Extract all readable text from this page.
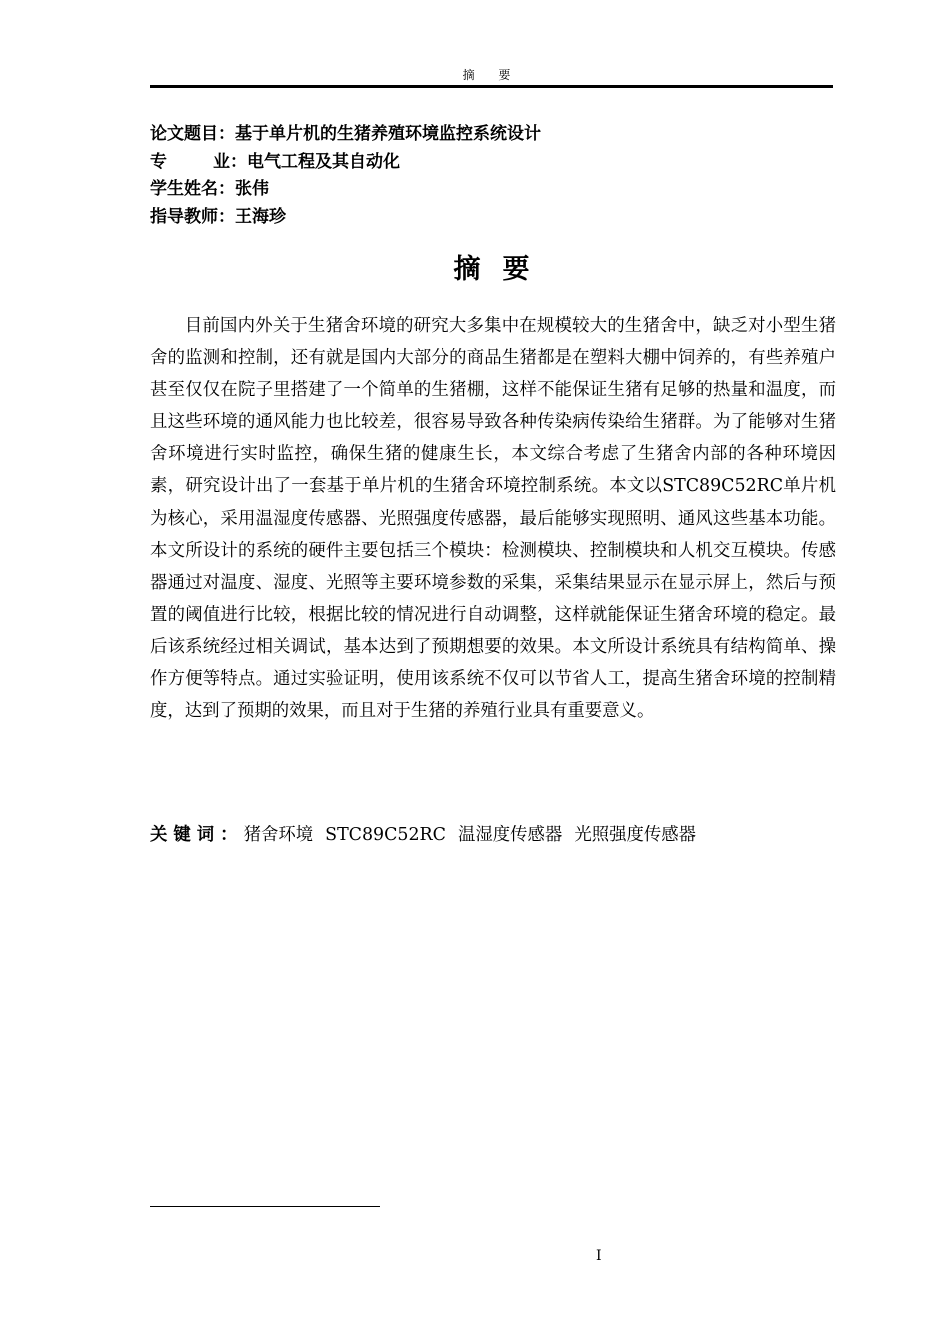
摘 要
论文题目：基于单片机的生猪养殖环境监控系统设计
专业：电气工程及其自动化
学生姓名：张伟
指导教师：王海珍
摘要
目前国内外关于生猪舍环境的研究大多集中在规模较大的生猪舍中，缺乏对小型生猪舍的监测和控制，还有就是国内大部分的商品生猪都是在塑料大棚中饲养的，有些养殖户甚至仅仅在院子里搭建了一个简单的生猪棚，这样不能保证生猪有足够的热量和温度，而且这些环境的通风能力也比较差，很容易导致各种传染病传染给生猪群。为了能够对生猪舍环境进行实时监控，确保生猪的健康生长，本文综合考虑了生猪舍内部的各种环境因素，研究设计出了一套基于单片机的生猪舍环境控制系统。本文以STC89C52RC单片机为核心，采用温湿度传感器、光照强度传感器，最后能够实现照明、通风这些基本功能。本文所设计的系统的硬件主要包括三个模块：检测模块、控制模块和人机交互模块。传感器通过对温度、湿度、光照等主要环境参数的采集，采集结果显示在显示屏上，然后与预置的阈值进行比较，根据比较的情况进行自动调整，这样就能保证生猪舍环境的稳定。最后该系统经过相关调试，基本达到了预期想要的效果。本文所设计系统具有结构简单、操作方便等特点。通过实验证明，使用该系统不仅可以节省人工，提高生猪舍环境的控制精度，达到了预期的效果，而且对于生猪的养殖行业具有重要意义。
关键词：猪舍环境 STC89C52RC 温湿度传感器 光照强度传感器
I
